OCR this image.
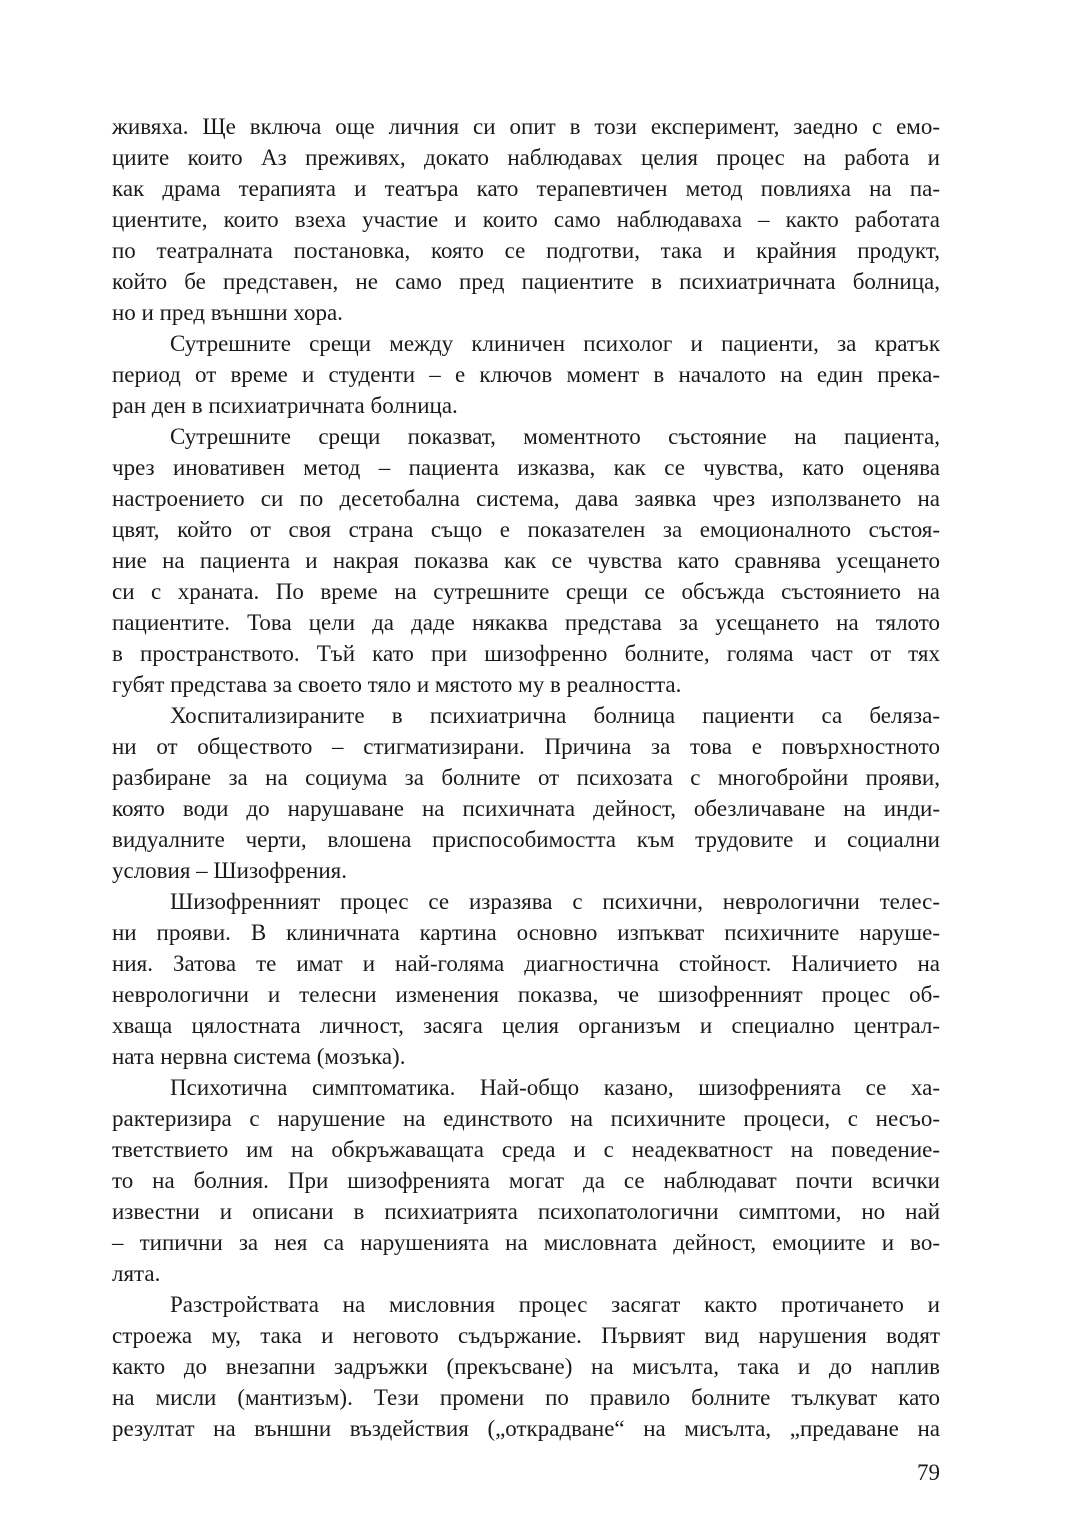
живяха. Ще включа още личния си опит в този експеримент, заедно с емо-
циите които Аз преживях, докато наблюдавах целия процес на работа и
как драма терапията и театъра като терапевтичен метод повлияха на па-
циентите, които взеха участие и които само наблюдаваха – както работата
по театралната постановка, която се подготви, така и крайния продукт,
който бе представен, не само пред пациентите в психиатричната болница,
но и пред външни хора.
Сутрешните срещи между клиничен психолог и пациенти, за кратък
период от време и студенти – е ключов момент в началото на един прека-
ран ден в психиатричната болница.
Сутрешните срещи показват, моментното състояние на пациента,
чрез иновативен метод – пациента изказва, как се чувства, като оценява
настроението си по десетобална система, дава заявка чрез използването на
цвят, който от своя страна също е показателен за емоционалното състоя-
ние на пациента и накрая показва как се чувства като сравнява усещането
си с храната. По време на сутрешните срещи се обсъжда състоянието на
пациентите. Това цели да даде някаква представа за усещането на тялото
в пространството. Тъй като при шизофренно болните, голяма част от тях
губят представа за своето тяло и мястото му в реалността.
Хоспитализираните в психиатрична болница пациенти са беляза-
ни от обществото – стигматизирани. Причина за това е повърхностното
разбиране за на социума за болните от психозата с многобройни прояви,
която води до нарушаване на психичната дейност, обезличаване на инди-
видуалните черти, влошена приспособимостта към трудовите и социални
условия – Шизофрения.
Шизофренният процес се изразява с психични, неврологични телес-
ни прояви. В клиничната картина основно изпъкват психичните наруше-
ния. Затова те имат и най-голяма диагностична стойност. Наличието на
неврологични и телесни изменения показва, че шизофренният процес об-
хваща цялостната личност, засяга целия организъм и специално централ-
ната нервна система (мозъка).
Психотична симптоматика. Най-общо казано, шизофренията се ха-
рактеризира с нарушение на единството на психичните процеси, с несъо-
тветствието им на обкръжаващата среда и с неадекватност на поведение-
то на болния. При шизофренията могат да се наблюдават почти всички
известни и описани в психиатрията психопатологични симптоми, но най
– типични за нея са нарушенията на мисловната дейност, емоциите и во-
лята.
Разстройствата на мисловния процес засягат както протичането и
строежа му, така и неговото съдържание. Първият вид нарушения водят
както до внезапни задръжки (прекъсване) на мисълта, така и до наплив
на мисли (мантизъм). Тези промени по правило болните тълкуват като
резултат на външни въздействия („открадване“ на мисълта, „предаване на
79
